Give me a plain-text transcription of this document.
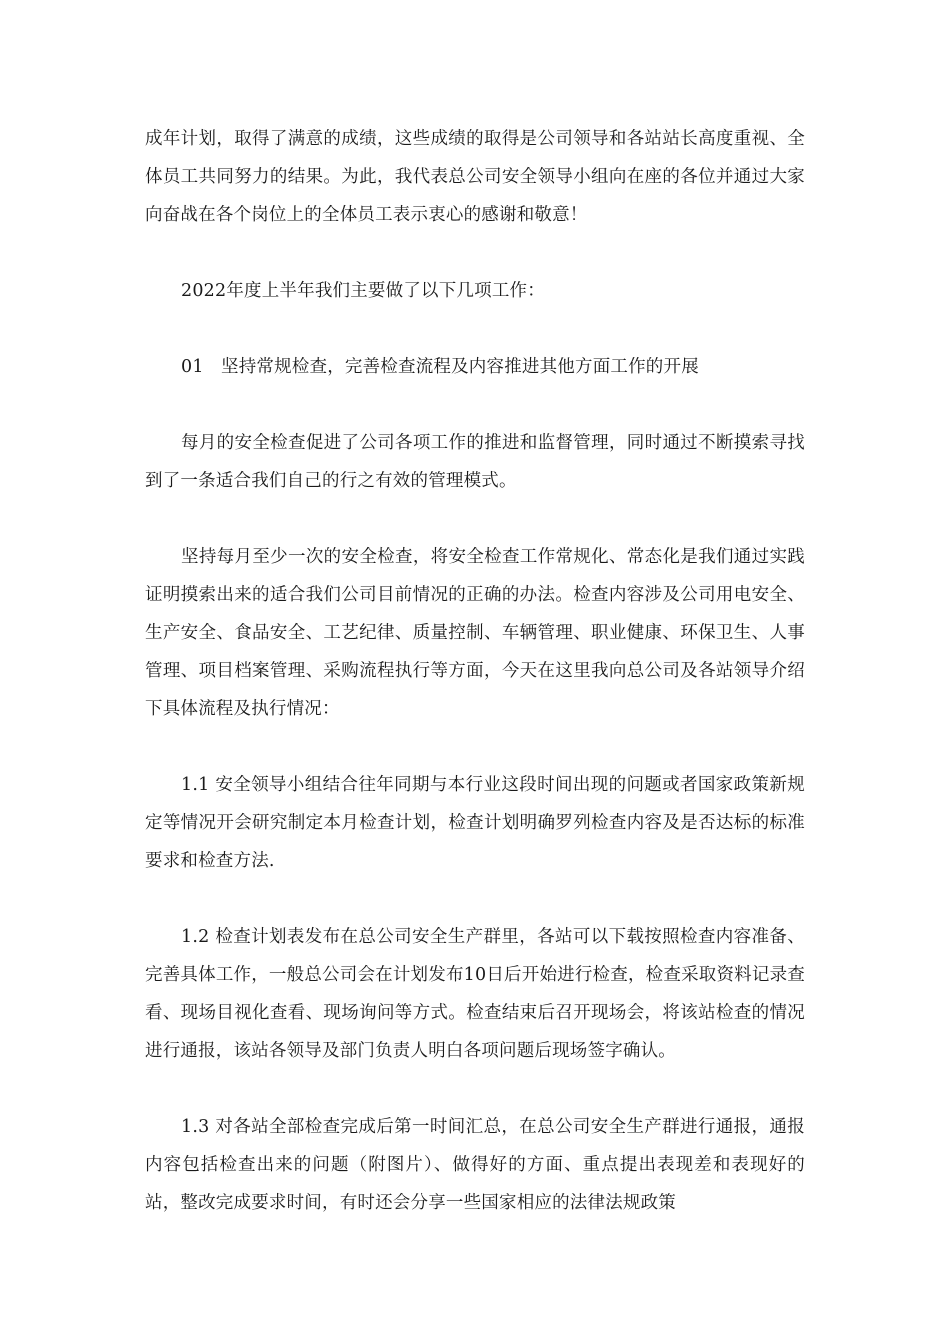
成年计划，取得了满意的成绩，这些成绩的取得是公司领导和各站站长高度重视、全体员工共同努力的结果。为此，我代表总公司安全领导小组向在座的各位并通过大家向奋战在各个岗位上的全体员工表示衷心的感谢和敬意！

2022年度上半年我们主要做了以下几项工作：

01 坚持常规检查，完善检查流程及内容推进其他方面工作的开展

每月的安全检查促进了公司各项工作的推进和监督管理，同时通过不断摸索寻找到了一条适合我们自己的行之有效的管理模式。

坚持每月至少一次的安全检查，将安全检查工作常规化、常态化是我们通过实践证明摸索出来的适合我们公司目前情况的正确的办法。检查内容涉及公司用电安全、生产安全、食品安全、工艺纪律、质量控制、车辆管理、职业健康、环保卫生、人事管理、项目档案管理、采购流程执行等方面，今天在这里我向总公司及各站领导介绍下具体流程及执行情况：

1.1 安全领导小组结合往年同期与本行业这段时间出现的问题或者国家政策新规定等情况开会研究制定本月检查计划，检查计划明确罗列检查内容及是否达标的标准要求和检查方法.

1.2 检查计划表发布在总公司安全生产群里，各站可以下载按照检查内容准备、完善具体工作，一般总公司会在计划发布10日后开始进行检查，检查采取资料记录查看、现场目视化查看、现场询问等方式。检查结束后召开现场会，将该站检查的情况进行通报，该站各领导及部门负责人明白各项问题后现场签字确认。

1.3 对各站全部检查完成后第一时间汇总，在总公司安全生产群进行通报，通报内容包括检查出来的问题（附图片）、做得好的方面、重点提出表现差和表现好的站，整改完成要求时间，有时还会分享一些国家相应的法律法规政策
